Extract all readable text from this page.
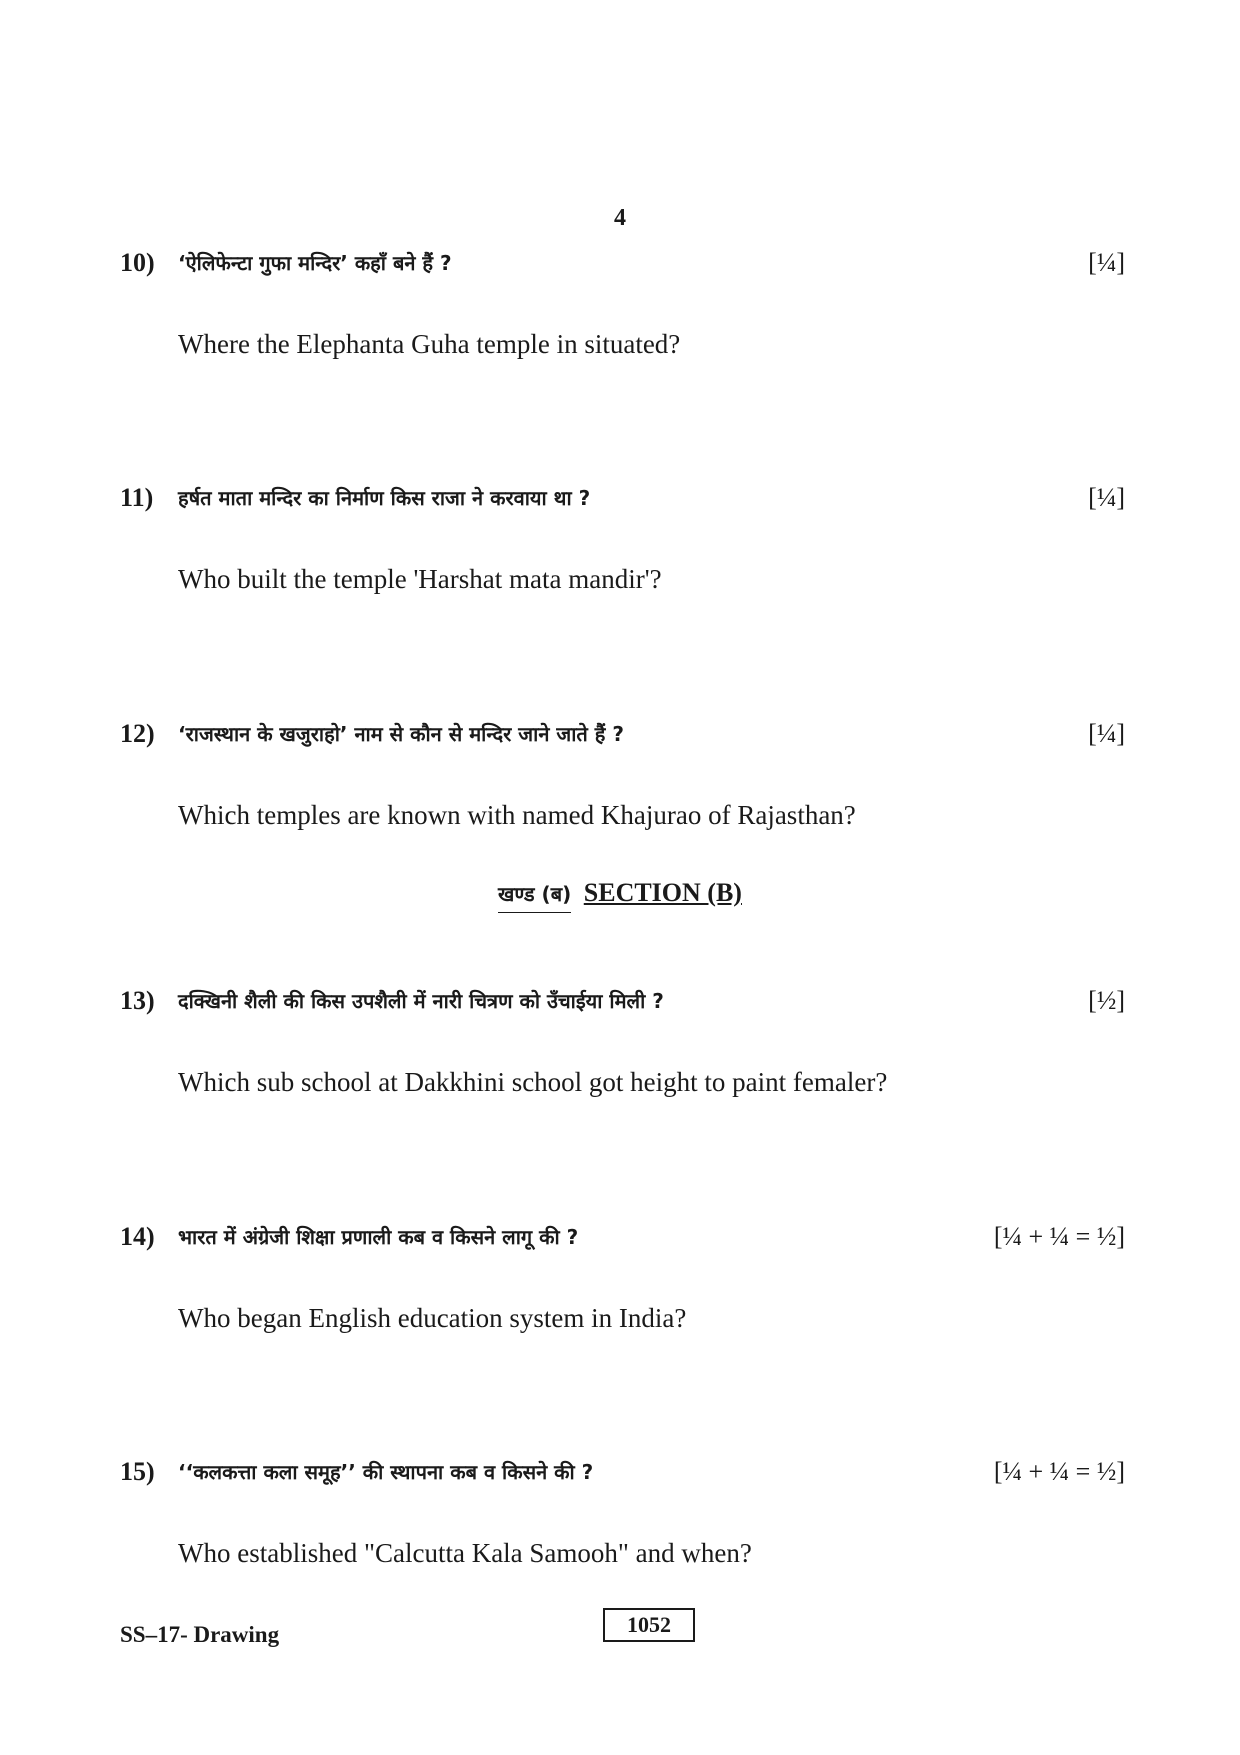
4
10) ‘ऐलिफेन्टा गुफा मन्दिर’ कहाँ बने हैं ?	[¼]
Where the Elephanta Guha temple in situated?
11) हर्षत माता मन्दिर का निर्माण किस राजा ने करवाया था ?	[¼]
Who built the temple 'Harshat mata mandir'?
12) ‘राजस्थान के खजुराहो’ नाम से कौन से मन्दिर जाने जाते हैं ?	[¼]
Which temples are known with named Khajurao of Rajasthan?
खण्ड (ब) SECTION (B)
13) दक्खिनी शैली की किस उपशैली में नारी चित्रण को उँचाईया मिली ?	[½]
Which sub school at Dakkhini school got height to paint femaler?
14) भारत में अंग्रेजी शिक्षा प्रणाली कब व किसने लागू की ?	[¼ + ¼ = ½]
Who began English education system in India?
15) ‘‘कलकत्ता कला समूह’’ की स्थापना कब व किसने की ?	[¼ + ¼ = ½]
Who established "Calcutta Kala Samooh" and when?
SS–17- Drawing	1052
